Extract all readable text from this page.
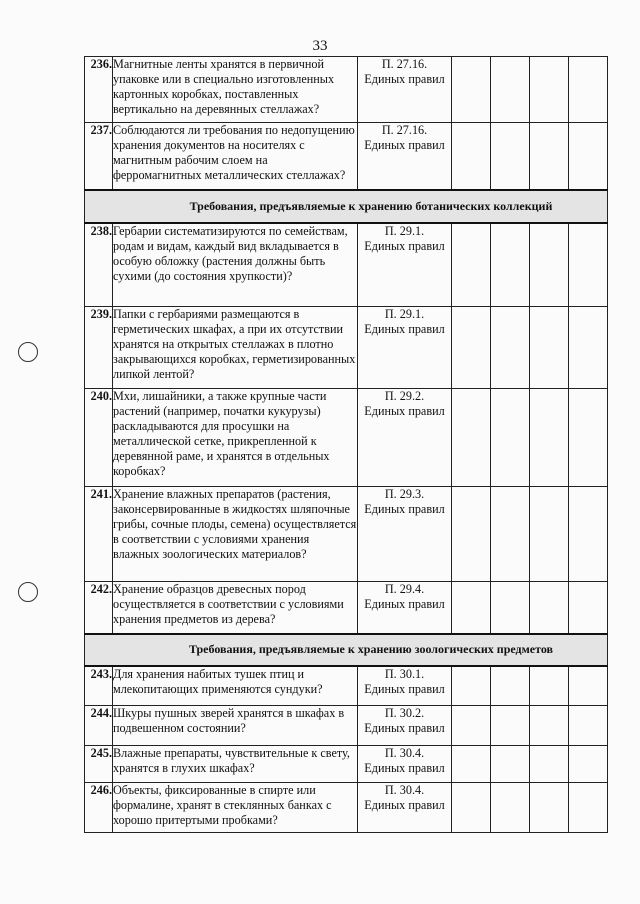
33
236.	Магнитные ленты хранятся в первичной упаковке или в специально изготовленных картонных коробках, поставленных вертикально на деревянных стеллажах?	П. 27.16.
Единых правил				

237.	Соблюдаются ли требования по недопущению хранения документов на носителях с магнитным рабочим слоем на ферромагнитных металлических стеллажах?	П. 27.16.
Единых правил				

Требования, предъявляемые к хранению ботанических коллекций						
238.	Гербарии систематизируются по семействам, родам и видам, каждый вид вкладывается в особую обложку (растения должны быть сухими (до состояния хрупкости)?	П. 29.1.
Единых правил				

239.	Папки с гербариями размещаются в герметических шкафах, а при их отсутствии хранятся на открытых стеллажах в плотно закрывающихся коробках, герметизированных липкой лентой?	П. 29.1.
Единых правил				

240.	Мхи, лишайники, а также крупные части растений (например, початки кукурузы) раскладываются для просушки на металлической сетке, прикрепленной к деревянной раме, и хранятся в отдельных коробках?	П. 29.2.
Единых правил				

241.	Хранение влажных препаратов (растения, законсервированные в жидкостях шляпочные грибы, сочные плоды, семена) осуществляется в соответствии с условиями хранения влажных зоологических материалов?	П. 29.3.
Единых правил				

242.	Хранение образцов древесных пород осуществляется в соответствии с условиями хранения предметов из дерева?	П. 29.4.
Единых правил				

Требования, предъявляемые к хранению зоологических предметов						
243.	Для хранения набитых тушек птиц и млекопитающих применяются сундуки?	П. 30.1.
Единых правил				

244.	Шкуры пушных зверей хранятся в шкафах в подвешенном состоянии?	П. 30.2.
Единых правил				

245.	Влажные препараты, чувствительные к свету, хранятся в глухих шкафах?	П. 30.4.
Единых правил				

246.	Объекты, фиксированные в спирте или формалине, хранят в стеклянных банках с хорошо притертыми пробками?	П. 30.4.
Единых правил				
